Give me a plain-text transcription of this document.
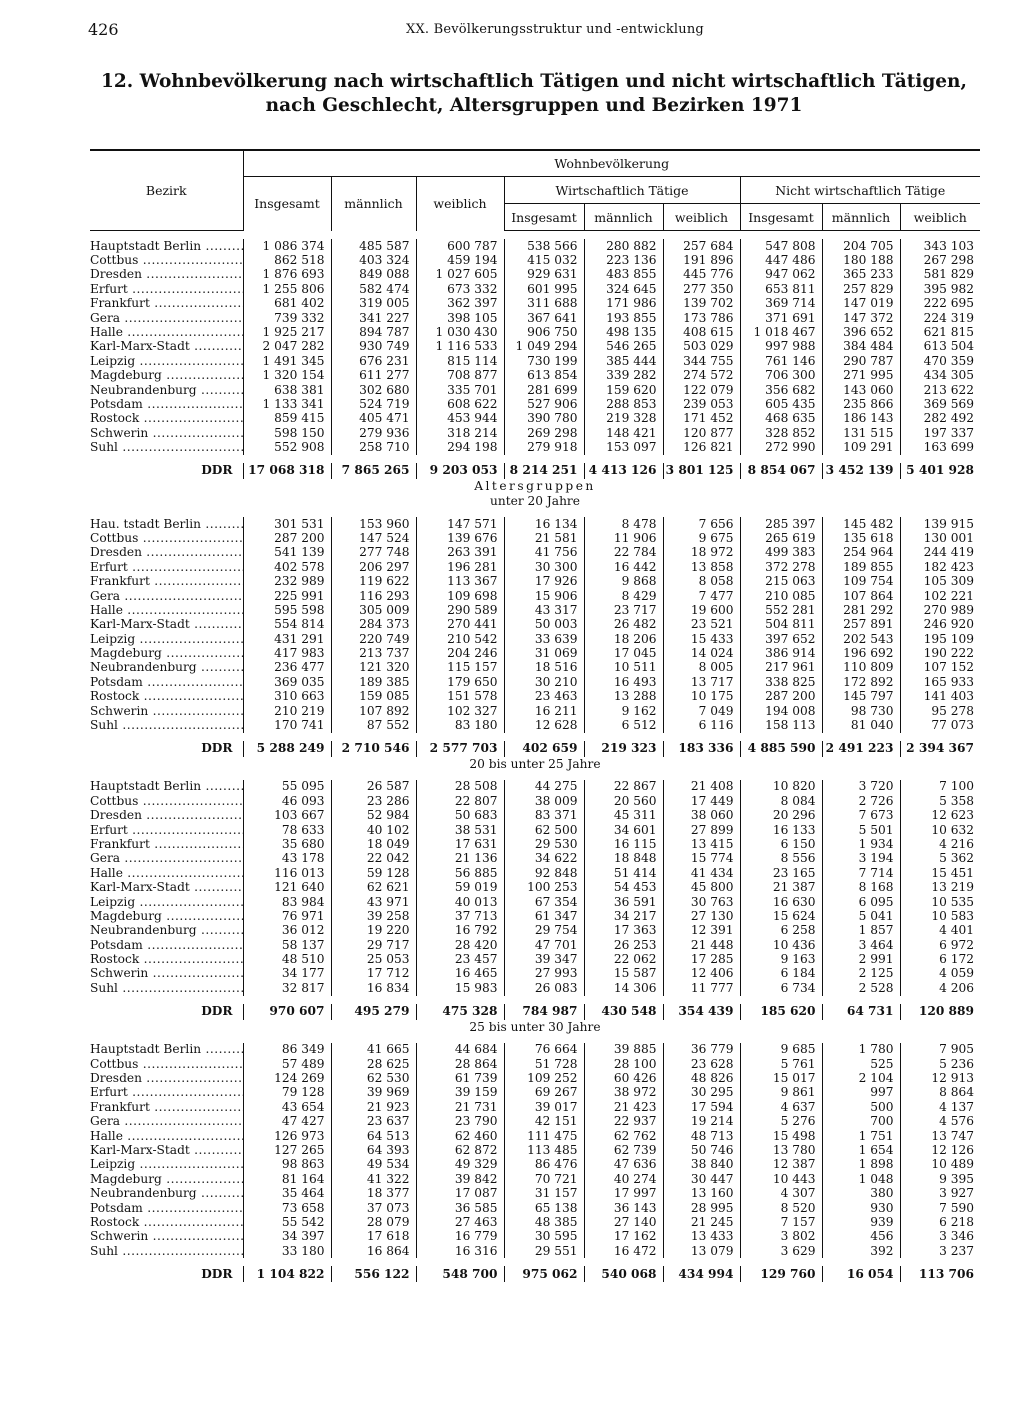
426	XX. Bevölkerungsstruktur und -entwicklung
12. Wohnbevölkerung nach wirtschaftlich Tätigen und nicht wirtschaftlich Tätigen,
nach Geschlecht, Altersgruppen und Bezirken 1971
Bezirk	Wohnbevölkerung								
	Insgesamt	männlich	weiblich	Wirtschaftlich Tätige			Nicht wirtschaftlich Tätige		
				Insgesamt	männlich	weiblich	Insgesamt	männlich	weiblich

Hauptstadt Berlin .....	1 086 374	485 587	600 787	538 566	280 882	257 684	547 808	204 705	343 103
Cottbus .....	862 518	403 324	459 194	415 032	223 136	191 896	447 486	180 188	267 298
Dresden .....	1 876 693	849 088	1 027 605	929 631	483 855	445 776	947 062	365 233	581 829
Erfurt .....	1 255 806	582 474	673 332	601 995	324 645	277 350	653 811	257 829	395 982
Frankfurt .....	681 402	319 005	362 397	311 688	171 986	139 702	369 714	147 019	222 695
Gera .....	739 332	341 227	398 105	367 641	193 855	173 786	371 691	147 372	224 319
Halle .....	1 925 217	894 787	1 030 430	906 750	498 135	408 615	1 018 467	396 652	621 815
Karl-Marx-Stadt .....	2 047 282	930 749	1 116 533	1 049 294	546 265	503 029	997 988	384 484	613 504
Leipzig .....	1 491 345	676 231	815 114	730 199	385 444	344 755	761 146	290 787	470 359
Magdeburg .....	1 320 154	611 277	708 877	613 854	339 282	274 572	706 300	271 995	434 305
Neubrandenburg .....	638 381	302 680	335 701	281 699	159 620	122 079	356 682	143 060	213 622
Potsdam .....	1 133 341	524 719	608 622	527 906	288 853	239 053	605 435	235 866	369 569
Rostock .....	859 415	405 471	453 944	390 780	219 328	171 452	468 635	186 143	282 492
Schwerin .....	598 150	279 936	318 214	269 298	148 421	120 877	328 852	131 515	197 337
Suhl .....	552 908	258 710	294 198	279 918	153 097	126 821	272 990	109 291	163 699

DDR	17 068 318	7 865 265	9 203 053	8 214 251	4 413 126	3 801 125	8 854 067	3 452 139	5 401 928
Altersgruppen									
unter 20 Jahre									

Hau. tstadt Berlin .....	301 531	153 960	147 571	16 134	8 478	7 656	285 397	145 482	139 915
Cottbus .....	287 200	147 524	139 676	21 581	11 906	9 675	265 619	135 618	130 001
Dresden .....	541 139	277 748	263 391	41 756	22 784	18 972	499 383	254 964	244 419
Erfurt .....	402 578	206 297	196 281	30 300	16 442	13 858	372 278	189 855	182 423
Frankfurt .....	232 989	119 622	113 367	17 926	9 868	8 058	215 063	109 754	105 309
Gera .....	225 991	116 293	109 698	15 906	8 429	7 477	210 085	107 864	102 221
Halle .....	595 598	305 009	290 589	43 317	23 717	19 600	552 281	281 292	270 989
Karl-Marx-Stadt .....	554 814	284 373	270 441	50 003	26 482	23 521	504 811	257 891	246 920
Leipzig .....	431 291	220 749	210 542	33 639	18 206	15 433	397 652	202 543	195 109
Magdeburg .....	417 983	213 737	204 246	31 069	17 045	14 024	386 914	196 692	190 222
Neubrandenburg .....	236 477	121 320	115 157	18 516	10 511	8 005	217 961	110 809	107 152
Potsdam .....	369 035	189 385	179 650	30 210	16 493	13 717	338 825	172 892	165 933
Rostock .....	310 663	159 085	151 578	23 463	13 288	10 175	287 200	145 797	141 403
Schwerin .....	210 219	107 892	102 327	16 211	9 162	7 049	194 008	98 730	95 278
Suhl .....	170 741	87 552	83 180	12 628	6 512	6 116	158 113	81 040	77 073

DDR	5 288 249	2 710 546	2 577 703	402 659	219 323	183 336	4 885 590	2 491 223	2 394 367
20 bis unter 25 Jahre									

Hauptstadt Berlin .....	55 095	26 587	28 508	44 275	22 867	21 408	10 820	3 720	7 100
Cottbus .....	46 093	23 286	22 807	38 009	20 560	17 449	8 084	2 726	5 358
Dresden .....	103 667	52 984	50 683	83 371	45 311	38 060	20 296	7 673	12 623
Erfurt .....	78 633	40 102	38 531	62 500	34 601	27 899	16 133	5 501	10 632
Frankfurt .....	35 680	18 049	17 631	29 530	16 115	13 415	6 150	1 934	4 216
Gera .....	43 178	22 042	21 136	34 622	18 848	15 774	8 556	3 194	5 362
Halle .....	116 013	59 128	56 885	92 848	51 414	41 434	23 165	7 714	15 451
Karl-Marx-Stadt .....	121 640	62 621	59 019	100 253	54 453	45 800	21 387	8 168	13 219
Leipzig .....	83 984	43 971	40 013	67 354	36 591	30 763	16 630	6 095	10 535
Magdeburg .....	76 971	39 258	37 713	61 347	34 217	27 130	15 624	5 041	10 583
Neubrandenburg .....	36 012	19 220	16 792	29 754	17 363	12 391	6 258	1 857	4 401
Potsdam .....	58 137	29 717	28 420	47 701	26 253	21 448	10 436	3 464	6 972
Rostock .....	48 510	25 053	23 457	39 347	22 062	17 285	9 163	2 991	6 172
Schwerin .....	34 177	17 712	16 465	27 993	15 587	12 406	6 184	2 125	4 059
Suhl .....	32 817	16 834	15 983	26 083	14 306	11 777	6 734	2 528	4 206

DDR	970 607	495 279	475 328	784 987	430 548	354 439	185 620	64 731	120 889
25 bis unter 30 Jahre									

Hauptstadt Berlin .....	86 349	41 665	44 684	76 664	39 885	36 779	9 685	1 780	7 905
Cottbus .....	57 489	28 625	28 864	51 728	28 100	23 628	5 761	525	5 236
Dresden .....	124 269	62 530	61 739	109 252	60 426	48 826	15 017	2 104	12 913
Erfurt .....	79 128	39 969	39 159	69 267	38 972	30 295	9 861	997	8 864
Frankfurt .....	43 654	21 923	21 731	39 017	21 423	17 594	4 637	500	4 137
Gera .....	47 427	23 637	23 790	42 151	22 937	19 214	5 276	700	4 576
Halle .....	126 973	64 513	62 460	111 475	62 762	48 713	15 498	1 751	13 747
Karl-Marx-Stadt .....	127 265	64 393	62 872	113 485	62 739	50 746	13 780	1 654	12 126
Leipzig .....	98 863	49 534	49 329	86 476	47 636	38 840	12 387	1 898	10 489
Magdeburg .....	81 164	41 322	39 842	70 721	40 274	30 447	10 443	1 048	9 395
Neubrandenburg .....	35 464	18 377	17 087	31 157	17 997	13 160	4 307	380	3 927
Potsdam .....	73 658	37 073	36 585	65 138	36 143	28 995	8 520	930	7 590
Rostock .....	55 542	28 079	27 463	48 385	27 140	21 245	7 157	939	6 218
Schwerin .....	34 397	17 618	16 779	30 595	17 162	13 433	3 802	456	3 346
Suhl .....	33 180	16 864	16 316	29 551	16 472	13 079	3 629	392	3 237

DDR	1 104 822	556 122	548 700	975 062	540 068	434 994	129 760	16 054	113 706
